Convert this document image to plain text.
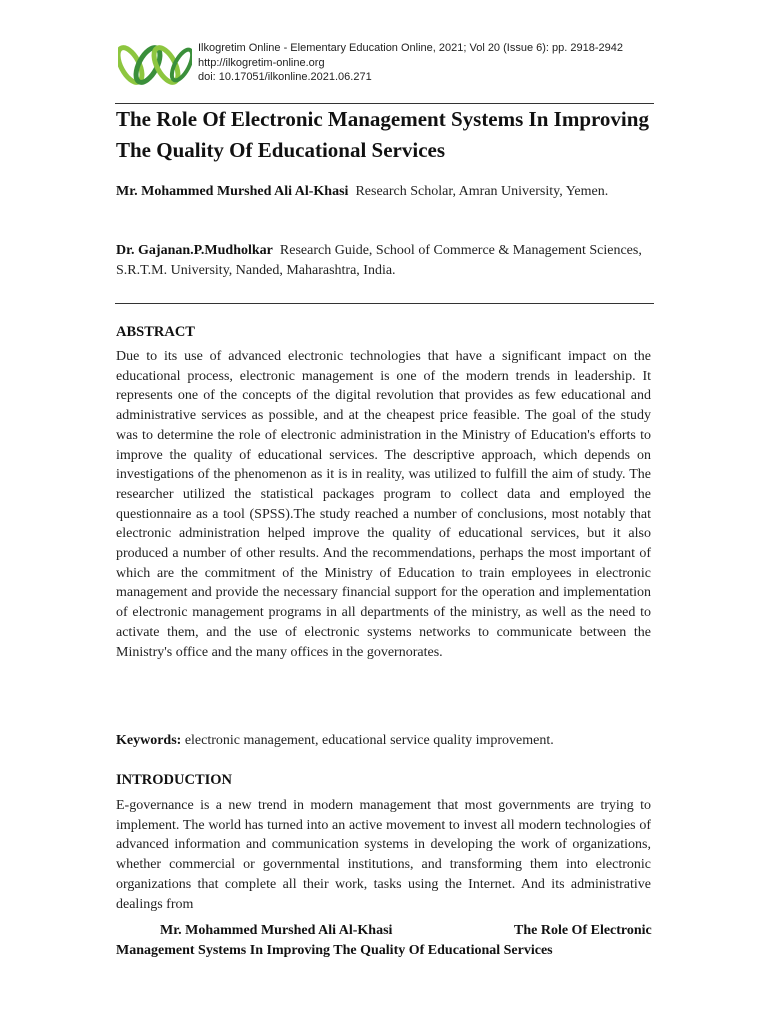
Ilkogretim Online - Elementary Education Online, 2021; Vol 20 (Issue 6): pp. 2918-2942
http://ilkogretim-online.org
doi: 10.17051/ilkonline.2021.06.271
The Role Of Electronic Management Systems In Improving The Quality Of Educational Services
Mr. Mohammed Murshed Ali Al-Khasi Research Scholar, Amran University, Yemen.
Dr. Gajanan.P.Mudholkar Research Guide, School of Commerce & Management Sciences, S.R.T.M. University, Nanded, Maharashtra, India.
ABSTRACT

Due to its use of advanced electronic technologies that have a significant impact on the educational process, electronic management is one of the modern trends in leadership. It represents one of the concepts of the digital revolution that provides as few educational and administrative services as possible, and at the cheapest price feasible. The goal of the study was to determine the role of electronic administration in the Ministry of Education's efforts to improve the quality of educational services. The descriptive approach, which depends on investigations of the phenomenon as it is in reality, was utilized to fulfill the aim of study. The researcher utilized the statistical packages program to collect data and employed the questionnaire as a tool (SPSS).The study reached a number of conclusions, most notably that electronic administration helped improve the quality of educational services, but it also produced a number of other results. And the recommendations, perhaps the most important of which are the commitment of the Ministry of Education to train employees in electronic management and provide the necessary financial support for the operation and implementation of electronic management programs in all departments of the ministry, as well as the need to activate them, and the use of electronic systems networks to communicate between the Ministry's office and the many offices in the governorates.

Keywords: electronic management, educational service quality improvement.
INTRODUCTION

E-governance is a new trend in modern management that most governments are trying to implement. The world has turned into an active movement to invest all modern technologies of advanced information and communication systems in developing the work of organizations, whether commercial or governmental institutions, and transforming them into electronic organizations that complete all their work, tasks using the Internet. And its administrative dealings from

Mr. Mohammed Murshed Ali Al-Khasi	The Role Of Electronic Management Systems In Improving The Quality Of Educational Services
